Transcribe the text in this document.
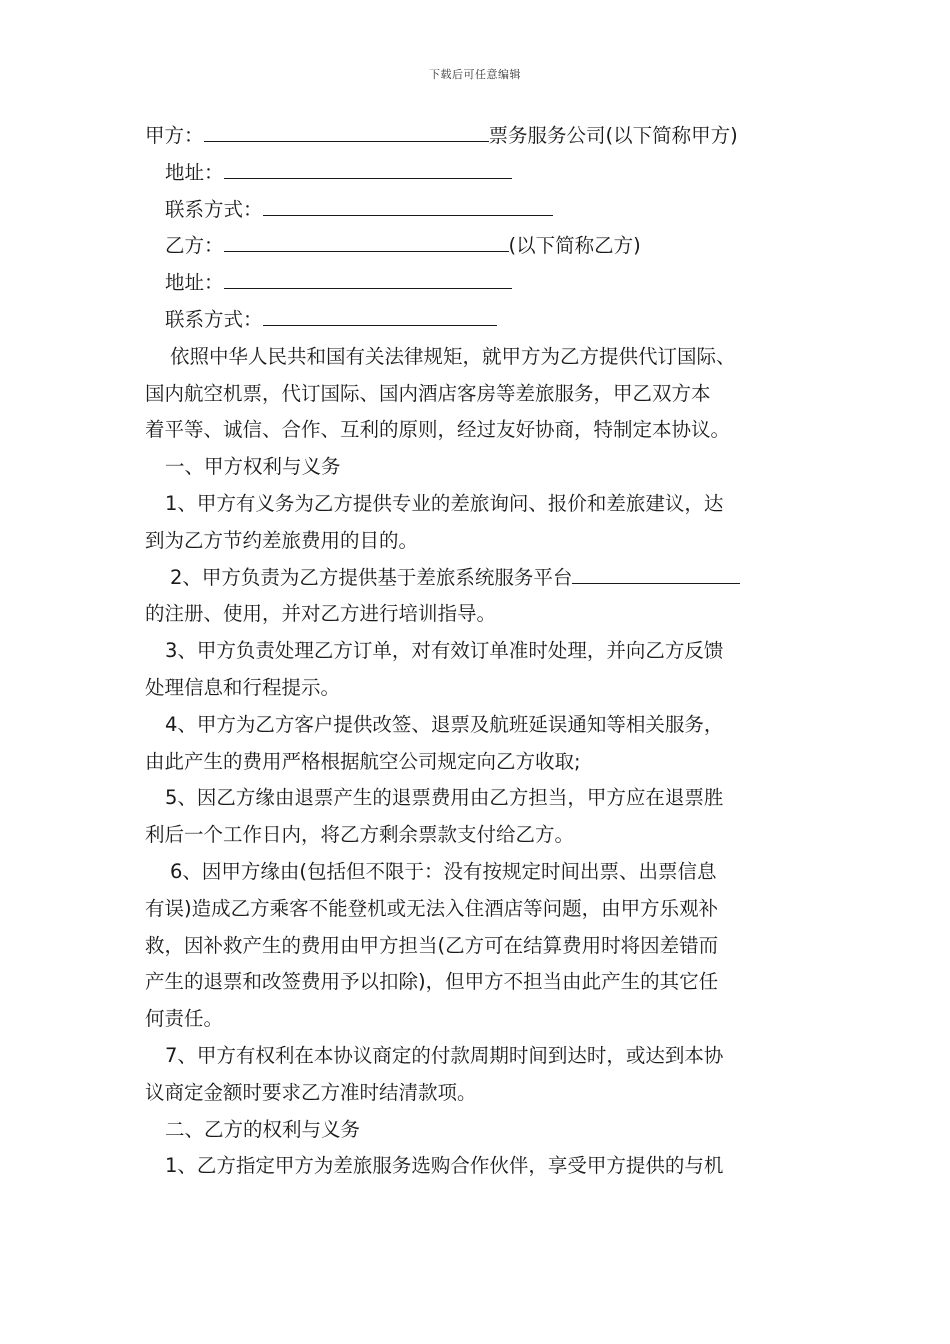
下载后可任意编辑
甲方：	票务服务公司(以下简称甲方)
地址：
联系方式：
乙方：	(以下简称乙方)
地址：
联系方式：
依照中华人民共和国有关法律规矩，就甲方为乙方提供代订国际、
国内航空机票，代订国际、国内酒店客房等差旅服务，甲乙双方本
着平等、诚信、合作、互利的原则，经过友好协商，特制定本协议。
一、甲方权利与义务
1、甲方有义务为乙方提供专业的差旅询问、报价和差旅建议，达
到为乙方节约差旅费用的目的。
2、甲方负责为乙方提供基于差旅系统服务平台
的注册、使用，并对乙方进行培训指导。
3、甲方负责处理乙方订单，对有效订单准时处理，并向乙方反馈
处理信息和行程提示。
4、甲方为乙方客户提供改签、退票及航班延误通知等相关服务，
由此产生的费用严格根据航空公司规定向乙方收取;
5、因乙方缘由退票产生的退票费用由乙方担当，甲方应在退票胜
利后一个工作日内，将乙方剩余票款支付给乙方。
6、因甲方缘由(包括但不限于：没有按规定时间出票、出票信息
有误)造成乙方乘客不能登机或无法入住酒店等问题，由甲方乐观补
救，因补救产生的费用由甲方担当(乙方可在结算费用时将因差错而
产生的退票和改签费用予以扣除)，但甲方不担当由此产生的其它任
何责任。
7、甲方有权利在本协议商定的付款周期时间到达时，或达到本协
议商定金额时要求乙方准时结清款项。
二、乙方的权利与义务
1、乙方指定甲方为差旅服务选购合作伙伴，享受甲方提供的与机
